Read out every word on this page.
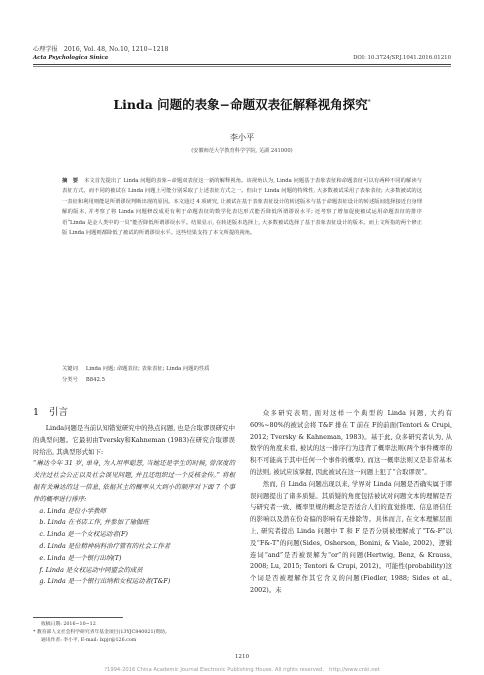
心理学报　2016, Vol. 48, No.10, 1210−1218
Acta Psychologica Sinica	DOI: 10.3724/SP.J.1041.2016.01210
Linda 问题的表象−命题双表征解释视角探究*
李小平
(安徽师范大学教育科学学院, 芜湖 241000)
摘　要 本文首先提出了 Linda 问题的表象−命题双表征这一新的解释视角。该视角认为, Linda 问题基于表象表征和命题表征可以有两种不同的解读与表征方式。而不同的被试在 Linda 问题上可能分别采取了上述表征方式之一。但由于 Linda 问题的特殊性, 大多数被试采用了表象表征; 大多数被试的这一表征和利用则能是所谓谬误判断出现的原因。本文通过 4 项研究, 让被试在基于表象表征设计的转述版本与基于命题表征设计的转述版间选择接近自身理解的版本, 并考察了将 Linda 问题修改成更有利于命题表征的数学化表达形式能否降低所谓谬误水平; 还考察了增加促使被试运用命题表征的排序语“Linda 是金人类中的一员”能否降低所谓谬误水平。结果显示, 在转述版本选择上, 大多数被试选择了基于表象表征设计的版本。而上文所指的两个修正版 Linda 问题则都降低了被试的所谓谬误水平。这些结果支持了本文所提的视角。
关键词 Linda 问题; 命题表征; 表象表征; Linda 问题的性质
分类号 B842.5
1 引言

Linda问题是当前认知错觉研究中的热点问题, 也是合取谬误研究中的典型问题。它最初由Tversky和Kahneman (1983)在研究合取谬误时给出, 其典型形式如下:

“琳达今年 31 岁, 单身, 为人坦率聪慧, 当她还是学生的时候, 曾深度的关注过社会公正以及社会误见问题, 并且还组织过一个反核金传。” 将根据有关琳达的这一信息, 依据其主的概率从大到小的顺序对下面 7 个事件的概率进行排序:

a. Linda 是位小学教师

b. Linda 在书店工作, 并参加了瑜伽班

c. Linda 是一个女权运动者(F)

d. Linda 是位精神病科治疗管有的社会工作者

e. Linda 是一个银行出纳(T)

f. Linda 是女权运动中同盟会的成员

g. Linda 是一个银行出纳和女权运动者(T&F)

众多研究表明, 面对这样一个典型的 Linda 问题, 大约有 60%~80%的被试会将 T&F 排在 T 前在 F的前面(Tentori & Crupi, 2012; Tversky & Kahneman, 1983)。基于此, 众多研究者认为, 从数学的角度来看, 被试的这一排序行为违背了概率法则(两个事件概率的积不可能高于其中任何一个事件的概率), 而这一概率法则又是非常基本的法则, 被试应该掌握, 因此被试在这一问题上犯了“合取谬误”。

然而, 自 Linda 问题出现以来, 学界对 Linda 问题是否确实属于谬误问题提出了诸多质疑。其质疑的角度包括被试对问题文本的理解是否与研究者一致、概率里规的概念是否适合人们的直觉推理、信息语信任的影响以及潜在份奇偏的影响有无排除等。具体而言, 在文本理解层面上, 研究者提出 Linda 问题中 T 和 F 是否分别被理解成了“T&-F”以及“F&-T”的问题(Sides, Osherson, Bonini, & Viale, 2002)、逻辑连词“and”是否被误解为“or”的问题(Hertwig, Benz, & Krauss, 2008; Lu, 2015; Tentori & Crupi, 2012)。可能性(probability)这个词是否被理解作其它含义的问题(Fiedler, 1988; Sides et al., 2002)。未

收稿日期: 2016−10−12
* 教育部人文社会科学研究青年基金项目(13YJC840021)资助。
通讯作者: 李小平, E-mail: lxpjr@126.com
1210
?1994-2016 China Academic Journal Electronic Publishing House. All rights reserved.　http://www.cnki.net
